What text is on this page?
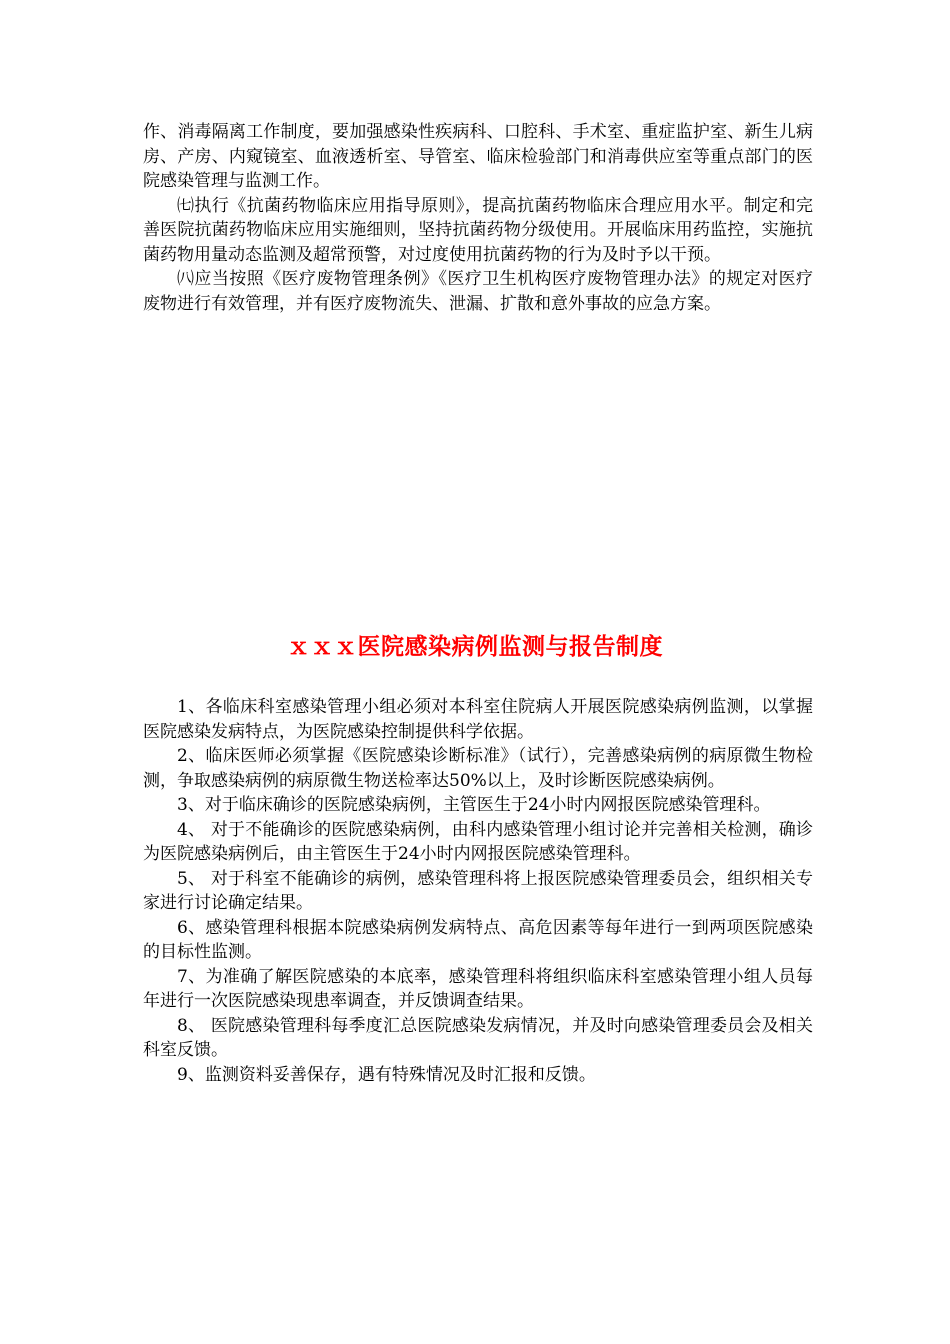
作、消毒隔离工作制度，要加强感染性疾病科、口腔科、手术室、重症监护室、新生儿病房、产房、内窥镜室、血液透析室、导管室、临床检验部门和消毒供应室等重点部门的医院感染管理与监测工作。

㈦执行《抗菌药物临床应用指导原则》，提高抗菌药物临床合理应用水平。制定和完善医院抗菌药物临床应用实施细则，坚持抗菌药物分级使用。开展临床用药监控，实施抗菌药物用量动态监测及超常预警，对过度使用抗菌药物的行为及时予以干预。

㈧应当按照《医疗废物管理条例》《医疗卫生机构医疗废物管理办法》的规定对医疗废物进行有效管理，并有医疗废物流失、泄漏、扩散和意外事故的应急方案。

ｘｘｘ医院感染病例监测与报告制度

1、各临床科室感染管理小组必须对本科室住院病人开展医院感染病例监测，以掌握医院感染发病特点，为医院感染控制提供科学依据。

2、临床医师必须掌握《医院感染诊断标准》（试行），完善感染病例的病原微生物检测，争取感染病例的病原微生物送检率达50%以上，及时诊断医院感染病例。

3、对于临床确诊的医院感染病例，主管医生于24小时内网报医院感染管理科。

4、 对于不能确诊的医院感染病例，由科内感染管理小组讨论并完善相关检测，确诊为医院感染病例后，由主管医生于24小时内网报医院感染管理科。

5、 对于科室不能确诊的病例，感染管理科将上报医院感染管理委员会，组织相关专家进行讨论确定结果。

6、感染管理科根据本院感染病例发病特点、高危因素等每年进行一到两项医院感染的目标性监测。

7、为准确了解医院感染的本底率，感染管理科将组织临床科室感染管理小组人员每年进行一次医院感染现患率调查，并反馈调查结果。

8、 医院感染管理科每季度汇总医院感染发病情况，并及时向感染管理委员会及相关科室反馈。

9、监测资料妥善保存，遇有特殊情况及时汇报和反馈。
